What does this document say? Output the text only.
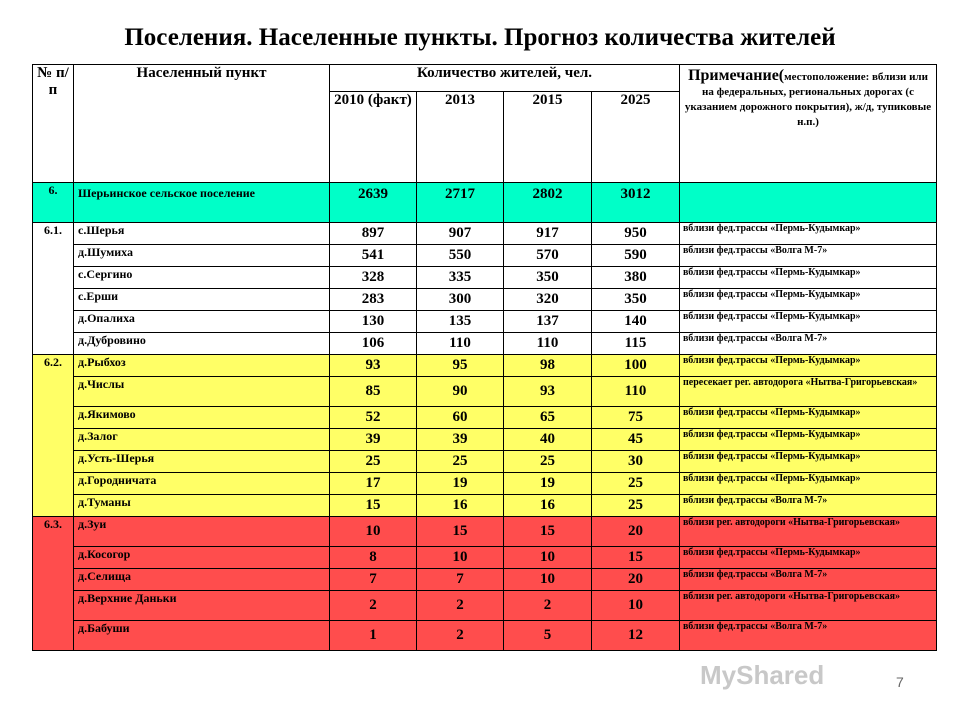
Поселения. Населенные пункты. Прогноз количества жителей
№ п/п	Населенный пункт	Количество жителей, чел.				Примечание(местоположение: вблизи или на федеральных, региональных дорогах (с указанием дорожного покрытия), ж/д, тупиковые н.п.)
		2010 (факт)	2013	2015	2025	
6.	Шерьинское сельское поселение	2639	2717	2802	3012	
6.1.	с.Шерья	897	907	917	950	вблизи фед.трассы «Пермь-Кудымкар»
	д.Шумиха	541	550	570	590	вблизи фед.трассы «Волга М-7»
	с.Сергино	328	335	350	380	вблизи фед.трассы «Пермь-Кудымкар»
	с.Ерши	283	300	320	350	вблизи фед.трассы «Пермь-Кудымкар»
	д.Опалиха	130	135	137	140	вблизи фед.трассы «Пермь-Кудымкар»
	д.Дубровино	106	110	110	115	вблизи фед.трассы «Волга М-7»
6.2.	д.Рыбхоз	93	95	98	100	вблизи фед.трассы «Пермь-Кудымкар»
	д.Числы	85	90	93	110	пересекает рег. автодорога «Нытва-Григорьевская»
	д.Якимово	52	60	65	75	вблизи фед.трассы «Пермь-Кудымкар»
	д.Залог	39	39	40	45	вблизи фед.трассы «Пермь-Кудымкар»
	д.Усть-Шерья	25	25	25	30	вблизи фед.трассы «Пермь-Кудымкар»
	д.Городничата	17	19	19	25	вблизи фед.трассы «Пермь-Кудымкар»
	д.Туманы	15	16	16	25	вблизи фед.трассы «Волга М-7»
6.3.	д.Зуи	10	15	15	20	вблизи рег. автодороги «Нытва-Григорьевская»
	д.Косогор	8	10	10	15	вблизи фед.трассы «Пермь-Кудымкар»
	д.Селища	7	7	10	20	вблизи фед.трассы «Волга М-7»
	д.Верхние Даньки	2	2	2	10	вблизи рег. автодороги «Нытва-Григорьевская»
	д.Бабуши	1	2	5	12	вблизи фед.трассы «Волга М-7»
MyShared	7
